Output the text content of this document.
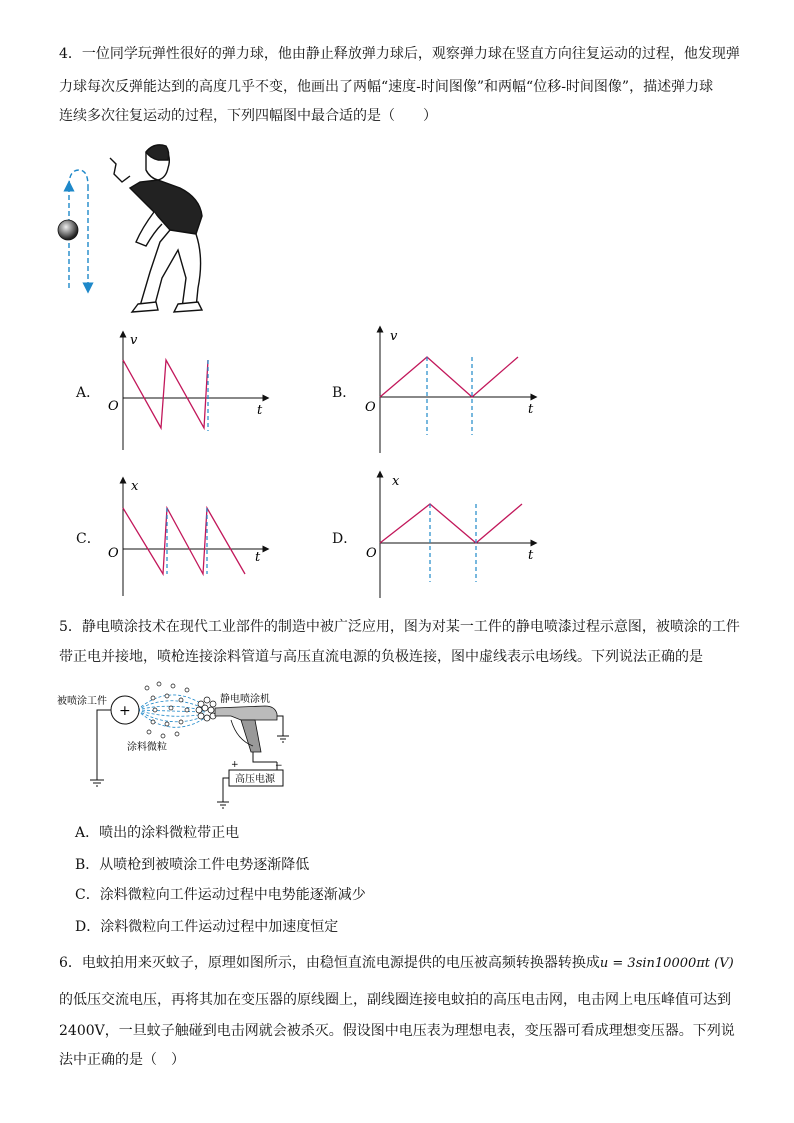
4．一位同学玩弹性很好的弹力球，他由静止释放弹力球后，观察弹力球在竖直方向往复运动的过程，他发现弹
力球每次反弹能达到的高度几乎不变，他画出了两幅“速度-时间图像”和两幅“位移-时间图像”，描述弹力球
连续多次往复运动的过程，下列四幅图中最合适的是（　　）
A．
v
O	t
B．
v
O	t
C．
x
O	t
D．
x
O	t
5．静电喷涂技术在现代工业部件的制造中被广泛应用，图为对某一工件的静电喷漆过程示意图，被喷涂的工件
带正电并接地，喷枪连接涂料管道与高压直流电源的负极连接，图中虚线表示电场线。下列说法正确的是
被喷涂工件
+
涂料微粒
静电喷涂机
高压电源
+	−
A．喷出的涂料微粒带正电
B．从喷枪到被喷涂工件电势逐渐降低
C．涂料微粒向工件运动过程中电势能逐渐减少
D．涂料微粒向工件运动过程中加速度恒定
6．电蚊拍用来灭蚊子，原理如图所示，由稳恒直流电源提供的电压被高频转换器转换成u = 3sin10000πt (V)
的低压交流电压，再将其加在变压器的原线圈上，副线圈连接电蚊拍的高压电击网，电击网上电压峰值可达到
2400V，一旦蚊子触碰到电击网就会被杀灭。假设图中电压表为理想电表，变压器可看成理想变压器。下列说
法中正确的是（　）
